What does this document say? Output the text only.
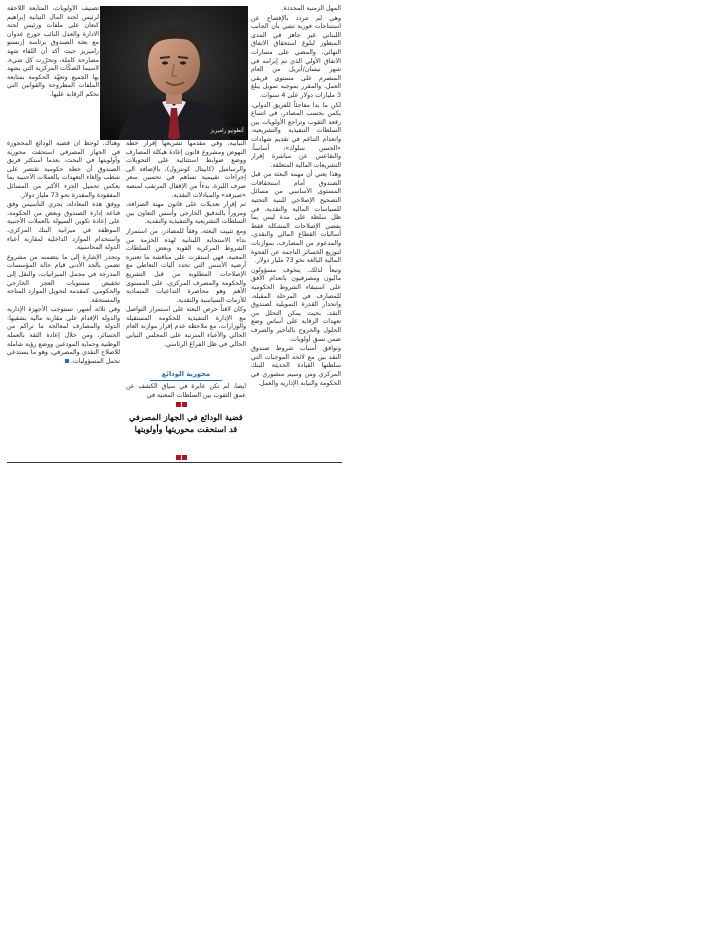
المهل الزمنية المحددة.

وهي لم تتردد بالإفصاح عن استنتاجات فورية تشي بأن الجانب اللبناني غير جاهز في المدى المنظور لبلوغ استحقاق الاتفاق النهائي، والمضي على مسارات الاتفاق الأولي الذي تم إبرامه في شهر نيسان/أبريل من العام المنصرم على مستوى فريقي العمل، والمقرر بموجبه تمويل يبلغ 3 مليارات دولار على 4 سنوات.

لكن ما بدا مفاجئاً للفريق الدولي، يكمن بحسب المصادر، في اتساع رقعة الثقوب وتراجع الأولويات بين السلطات التنفيذية والتشريعية، وانعدام التناغم في تقديم شهادات «الحسن سلوك»، أساساً، والتقاعس عن مباشرة إقرار التشريعات المالية المتعلقة.

وهذا يعني أن مهمة البعثة من قبل الصندوق أمام استحقاقات المستوى الأساسي من مسائل التصحيح الإصلاحي للبنية التحتية للسياسات المالية والنقدية، في ظل سلطة على مدة ليس بما يفضي الإصلاحات المشكلة فقط أساليات القطاع المالي والنقدي، والمدعوم من المصارف، بموازنات لتوزيع الخسائر الناجمة عن الفجوة المالية البالغة نحو 73 مليار دولار.

وتبعاً لذلك، يتخوف مسؤولون ماليون ومصرفيون بانعدام الأفق على استيفاء الشروط الحكومية للمصارف في المرحلة المقبلة، وانحدار القدرة التمويلية لصندوق النقد، بحيث يمكن التحلل من تعهدات الرقابة على أساس وضع الحلول والخروج بالتأخير والصرف ضمن نسق أولويات.

وتوافق أسباب شروط صندوق النقد بين مع لائحة الموجبات التي سلطتها القيادة الحديثة للبنك المركزي ومن وسيم منصوري في الحكومة والنيابة الإدارية والعمل.

أنطونيو راميريز

تصنيف الأولويات، المتابعة اللاحقة لرئيس لجنة المال النيابية إبراهيم كنعان على ملفات ورئيس لجنة الادارة والعدل النائب جورج عدوان مع بعثة الصندوق برئاسة إرنستو راميريز حيث أكد أن اللقاء شهد مصارحة كاملة، وتحرّرت كل شيء، لاسيما الصكّات المركزية التي يشهد بها الجميع وتعهّد الحكومة بمتابعة الملفات المطروحة والقوانين التي تحكم الرقابة عليها.

وهناك، لوحظ أن قضية الودائع المحجوزة في الجهاز المصرفي استحقت محورية وأولويتها في البحث، بعدما استكثر فريق الصندوق أن خطة حكومية تقتصر على شطب وإلغاء التعهدات بالعملات الأجنبية بما يعكس تحميل الجزء الأكبر من المسائل المفقودة والمقدرة نحو 73 مليار دولار.

ووفق هذه المعادلة، يجري التأسيس وفق قناعة إدارة الصندوق وبعض من الحكومة، على إعادة تكوين السيولة بالعملات الأجنبية الموظفة في ميزانية البنك المركزي، واستخدام الموارد الداخلية لمقاربة أعباء الدولة المحاسبية.

وتجدر الإشارة إلى ما يتضمنه من مشروع تضمن بالحد الأدنى قيام حالة المؤسسات المدرجة في مجمل الميزانيات، والنقل إلى تخفيض مستويات العجز الخارجي والحكومي، كمقدمة لتحويل الموارد المتاحة والمستحقة.

وفي ثلاثة أشهر، تستوجب الأجهزة الإدارية والدولة الإقدام على مقاربة مالية بشقيها: الدولة والمصارف لمعالجة ما تراكم من الخسائر، ومن خلال إعادة الثقة بالعملة الوطنية وحماية المودعين ووضع رؤية شاملة للاصلاح النقدي والمصرفي، وهو ما يستدعي تحمل المسؤوليات.

النيابية، وفي مقدمها تشريعها إقرار خطة النهوض ومشروع قانون إعادة هيكلة المصارف ووضع ضوابط استثنائية على التحويلات والرساميل (كابيتال كونترول)، بالإضافة الى إجراءات تقييمية تساهم في تحسين سعر صرف الليرة، بدءاً من الإقفال المرتقب لمنصة «صيرفة» والمبادلات النقدية.

ثم إقرار تعديلات على قانون مهنة الصرافة، ومروراً بالتدقيق الخارجي وأسس التعاون بين السلطات التشريعية والتنفيذية والنقدية.

ومع تثبيت البعثة، وفقاً للمصادر، من استمرار بداء الاستجابة اللبنانية لهذه الحزمة من الشروط المركزية القوية وبعض السلطات المعنية، فهي استقرت على مناقشة ما تعتبره أرضية الأسس التي تحدد آليات التعاطي مع الإصلاحات المطلوبة من قبل التشريع والحكومة والمصرف المركزي، على المستوى الأهم وهو محاصرة التداعيات المتمادية للأزمات السياسية والنقدية.

وكان لافتاً حرص البعثة على استمرار التواصل مع الإدارة التنفيذية للحكومة المستقيلة والوزارات، مع ملاحظة عدم إقرار موازنة العام الحالي والأعباء المترتبة على المجلس النيابي الحالي في ظل الفراغ الرئاسي.

محورية الودائع

ايضاً، لم تكن عابرة في سياق الكشف عن عمق الثقوب بين السلطات المعنية في

قضية الودائع في الجهاز المصرفي قد استحقت محوريتها وأولويتها
